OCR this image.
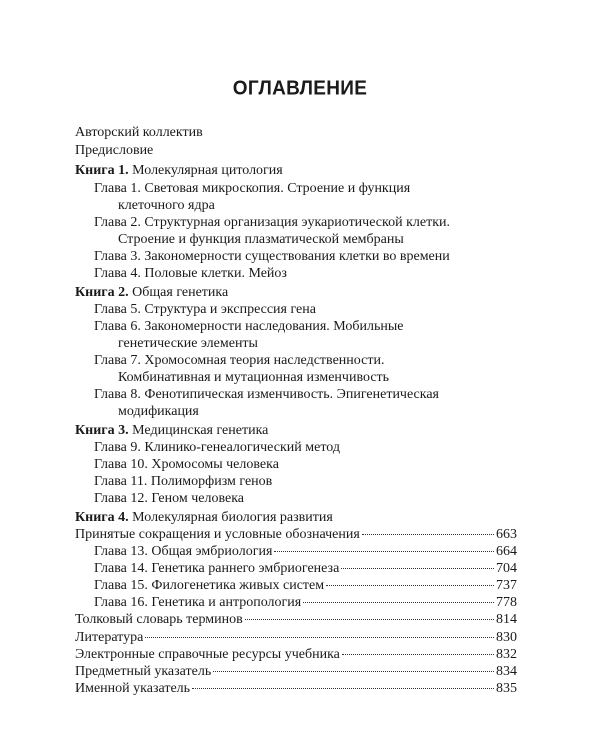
ОГЛАВЛЕНИЕ
Авторский коллектив
Предисловие
Книга 1. Молекулярная цитология
Глава 1. Световая микроскопия. Строение и функция
клеточного ядра
Глава 2. Структурная организация эукариотической клетки.
Строение и функция плазматической мембраны
Глава 3. Закономерности существования клетки во времени
Глава 4. Половые клетки. Мейоз
Книга 2. Общая генетика
Глава 5. Структура и экспрессия гена
Глава 6. Закономерности наследования. Мобильные
генетические элементы
Глава 7. Хромосомная теория наследственности.
Комбинативная и мутационная изменчивость
Глава 8. Фенотипическая изменчивость. Эпигенетическая
модификация
Книга 3. Медицинская генетика
Глава 9. Клинико-генеалогический метод
Глава 10. Хромосомы человека
Глава 11. Полиморфизм генов
Глава 12. Геном человека
Книга 4. Молекулярная биология развития
Принятые сокращения и условные обозначения	663
Глава 13. Общая эмбриология	664
Глава 14. Генетика раннего эмбриогенеза	704
Глава 15. Филогенетика живых систем	737
Глава 16. Генетика и антропология	778
Толковый словарь терминов	814
Литература	830
Электронные справочные ресурсы учебника	832
Предметный указатель	834
Именной указатель	835
